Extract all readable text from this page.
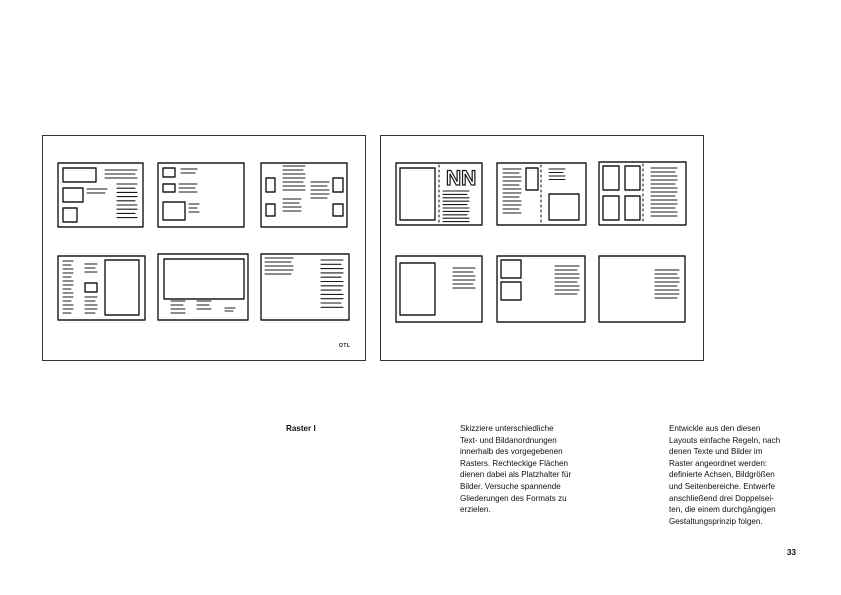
OTL
NN
Raster I	Skizziere unterschiedliche
Text- und Bildanordnungen
innerhalb des vorgegebenen
Rasters. Rechteckige Flächen
dienen dabei als Platzhalter für
Bilder. Versuche spannende
Gliederungen des Formats zu
erzielen.
Entwickle aus den diesen
Layouts einfache Regeln, nach
denen Texte und Bilder im
Raster angeordnet werden:
definierte Achsen, Bildgrößen
und Seitenbereiche. Entwerfe
anschließend drei Doppelsei-
ten, die einem durchgängigen
Gestaltungsprinzip folgen.
33
